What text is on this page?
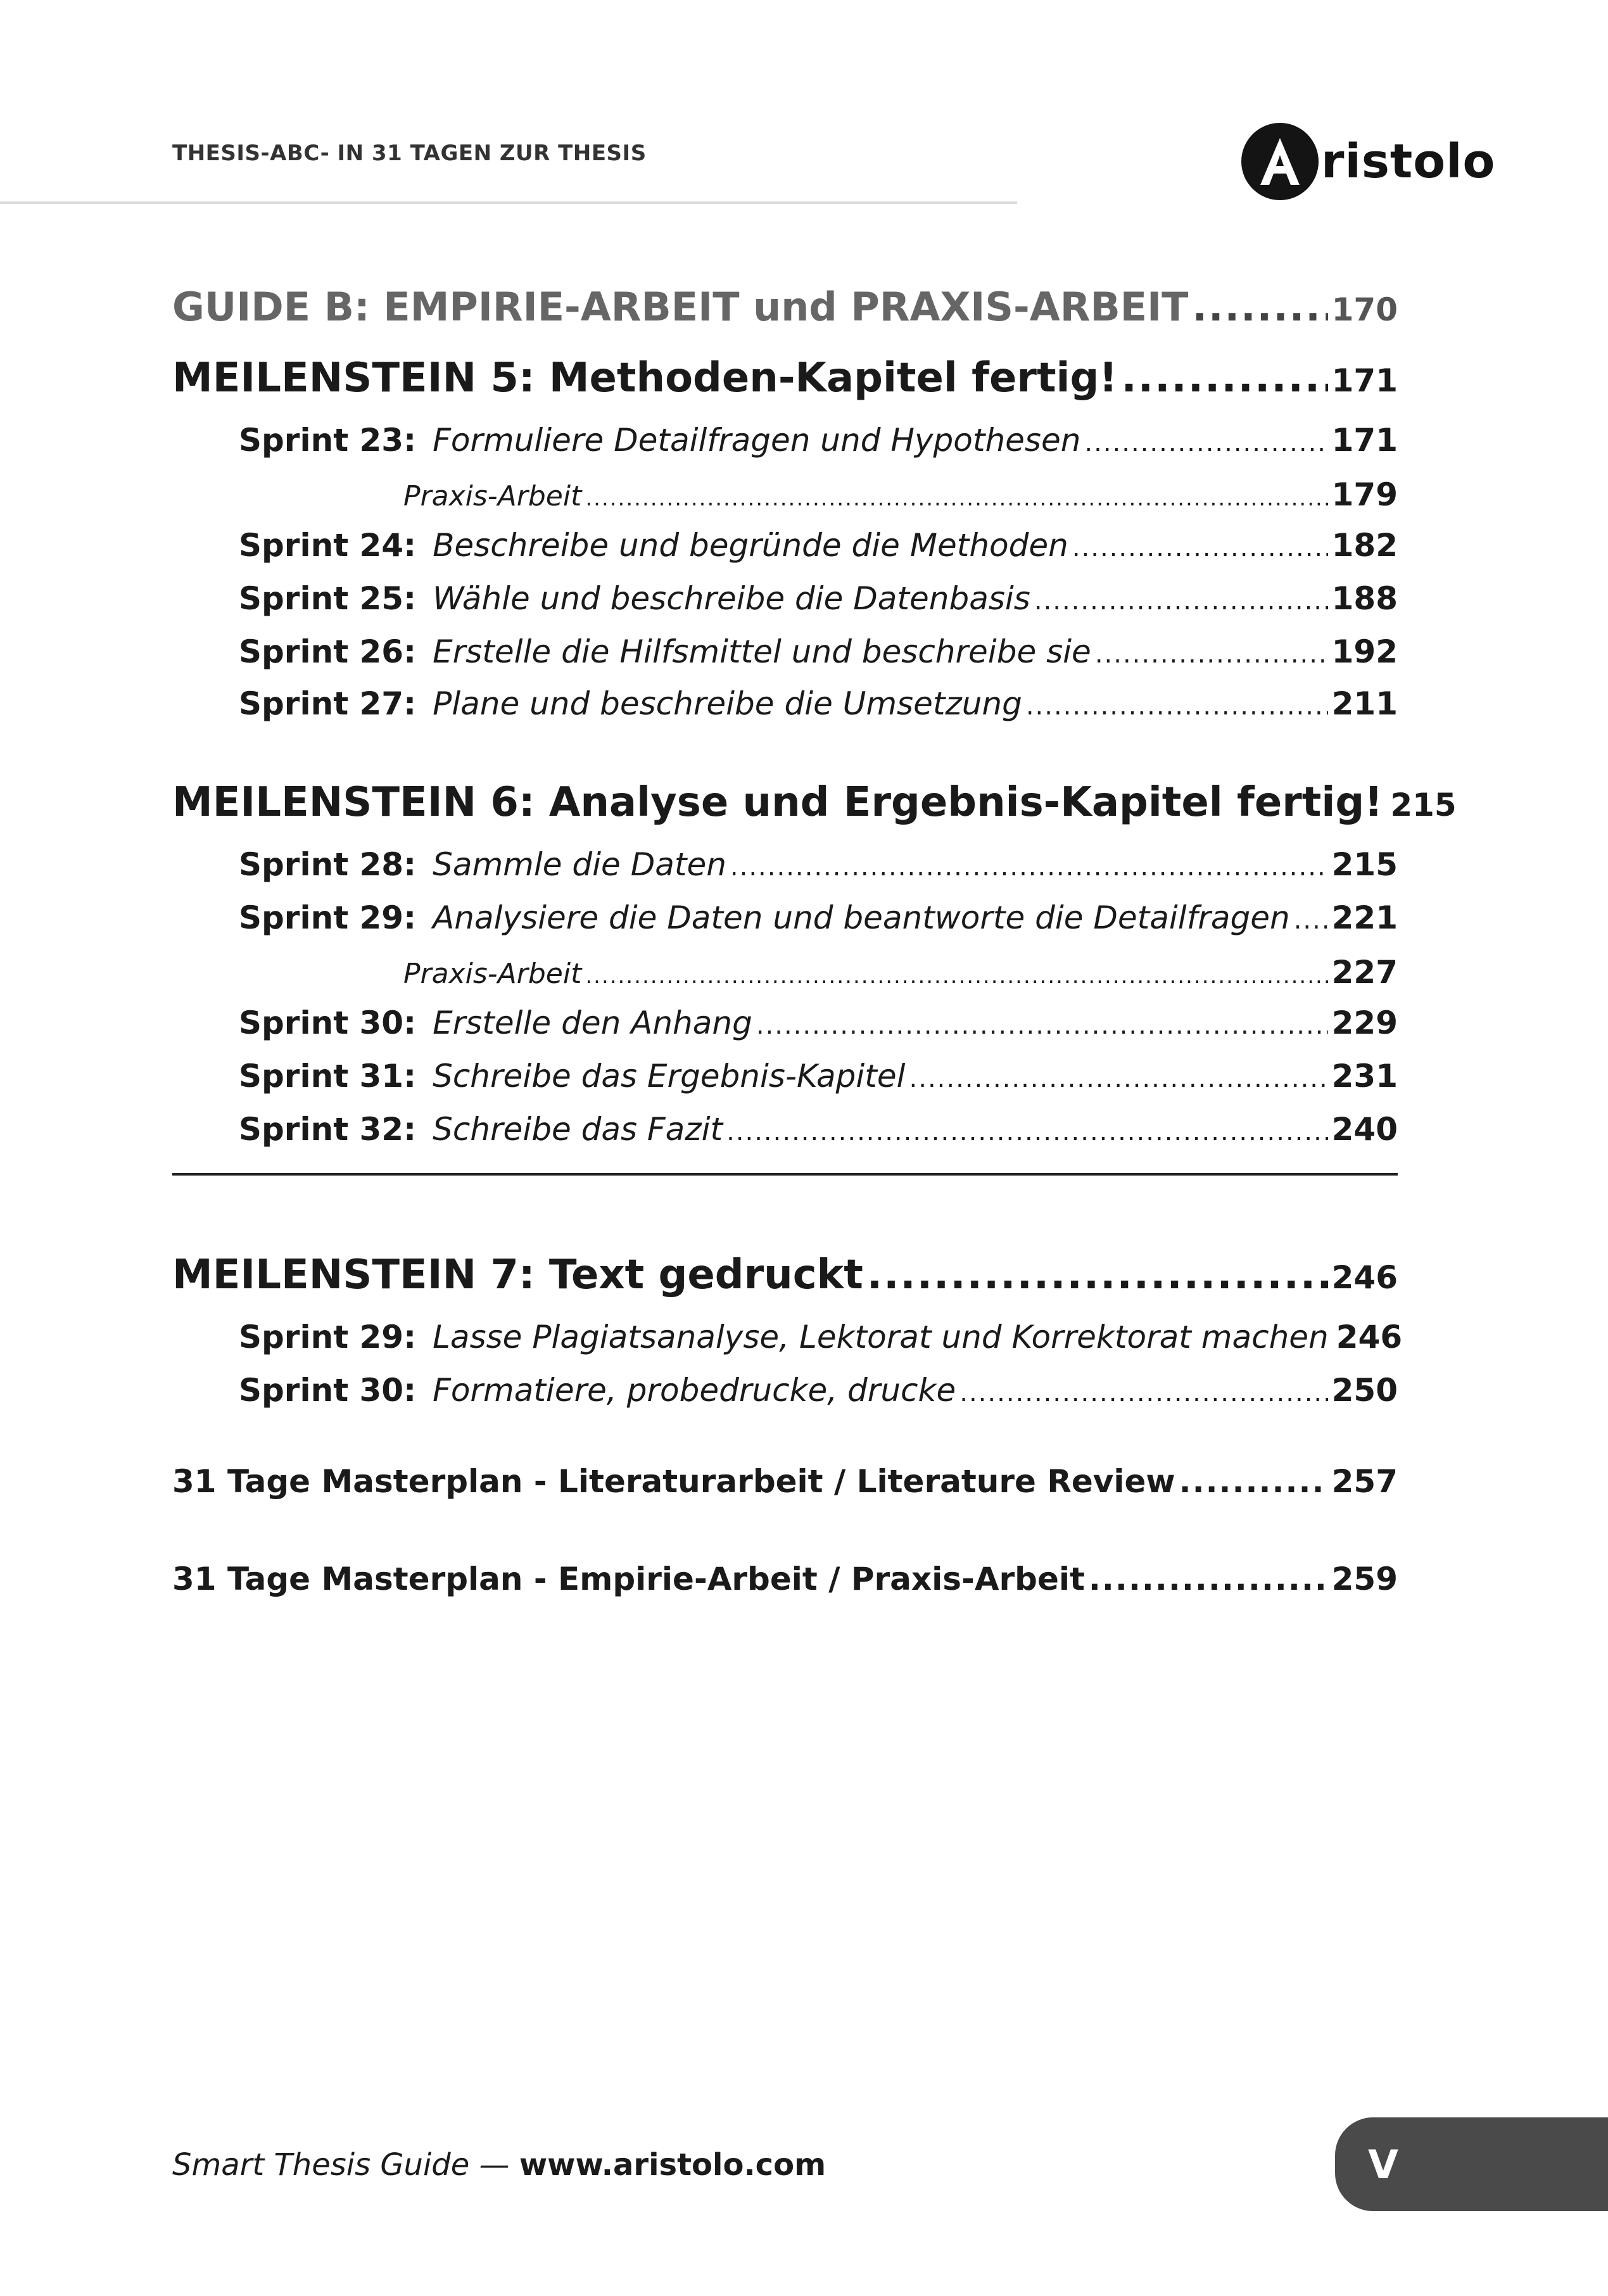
THESIS-ABC- IN 31 TAGEN ZUR THESIS	ristolo
GUIDE B: EMPIRIE-ARBEIT und PRAXIS-ARBEIT .....	170
MEILENSTEIN 5: Methoden-Kapitel fertig! .....	171
Sprint 23: Formuliere Detailfragen und Hypothesen .....	171
Praxis-Arbeit .....	179
Sprint 24: Beschreibe und begründe die Methoden .....	182
Sprint 25: Wähle und beschreibe die Datenbasis .....	188
Sprint 26: Erstelle die Hilfsmittel und beschreibe sie .....	192
Sprint 27: Plane und beschreibe die Umsetzung .....	211
MEILENSTEIN 6: Analyse und Ergebnis-Kapitel fertig! 215
Sprint 28: Sammle die Daten .....	215
Sprint 29: Analysiere die Daten und beantworte die Detailfragen ..... 221
Praxis-Arbeit .....	227
Sprint 30: Erstelle den Anhang .....	229
Sprint 31: Schreibe das Ergebnis-Kapitel .....	231
Sprint 32: Schreibe das Fazit .....	240
MEILENSTEIN 7: Text gedruckt .....	246
Sprint 29: Lasse Plagiatsanalyse, Lektorat und Korrektorat machen 246
Sprint 30: Formatiere, probedrucke, drucke .....	250
31 Tage Masterplan - Literaturarbeit / Literature Review .....	257
31 Tage Masterplan - Empirie-Arbeit / Praxis-Arbeit .....	259
Smart Thesis Guide — www.aristolo.com	V
